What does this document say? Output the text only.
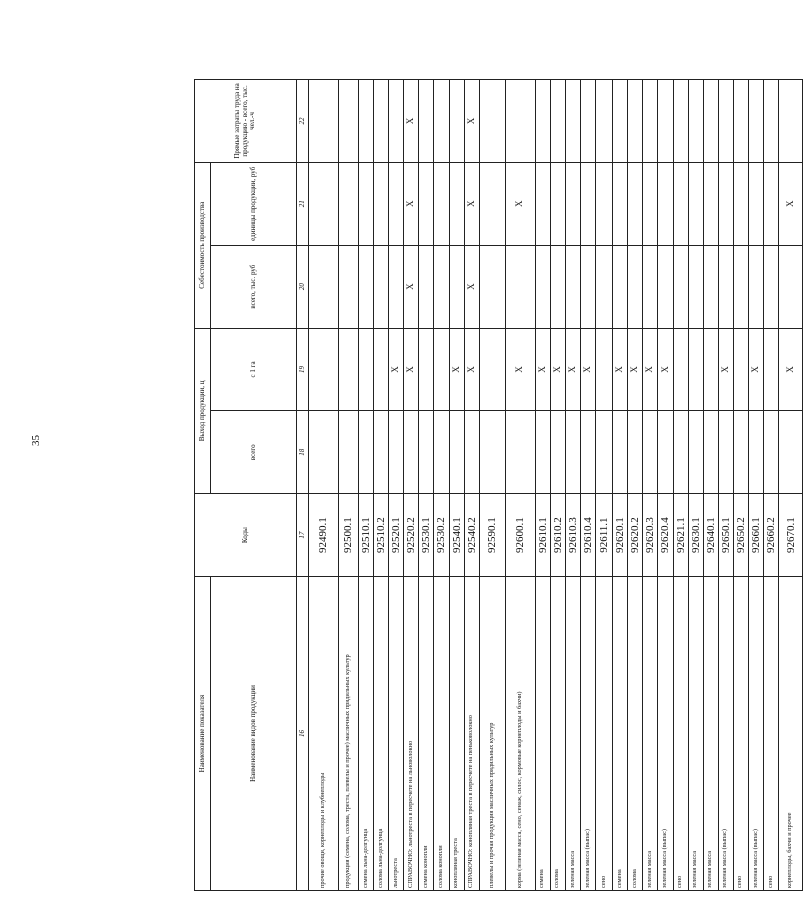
35
Наименование показателя	Коды	Выход продукции, ц		Себестоимость производства		Прямые затраты труда на продукцию - всего, тыс. чел.-ч
Наименование видов продукции		всего	с 1 га	всего, тыс. руб	единицы продукции, руб	
16	17	18	19	20	21	22
прочие овощи, корнеплоды и клубнеплоды	92490.1					
продукция (семена, солома, треста, плевелы и прочее) масличных прядильных культур	92500.1					
семена льна-долгунца	92510.1					
солома льна-долгунца	92510.2					
льнотреста	92520.1		X			
СПРАВОЧНО: льнотреста в пересчете на льноволокно	92520.2		X	X	X	X
семена конопли	92530.1					
солома конопли	92530.2					
конопляная треста	92540.1		X			
СПРАВОЧНО: конопляная треста в пересчете на пеньковолокно	92540.2		X	X	X	X
плевелы и прочая продукция масличных прядильных культур	92590.1					
корма (зеленая масса, сено, сенаж, силос, кормовые корнеплоды и бахчи)	92600.1		X		X	
семена	92610.1		X			
солома	92610.2		X			
зеленая масса	92610.3		X			
зеленая масса (выпас)	92610.4		X			
сено	92611.1					
семена	92620.1		X			
солома	92620.2		X			
зеленая масса	92620.3		X			
зеленая масса (выпас)	92620.4		X			
сено	92621.1					
зеленая масса	92630.1					
зеленая масса	92640.1					
зеленая масса (выпас)	92650.1		X			
сено	92650.2					
зеленая масса (выпас)	92660.1		X			
сено	92660.2					
корнеплоды, бахчи и прочее	92670.1		X		X	
